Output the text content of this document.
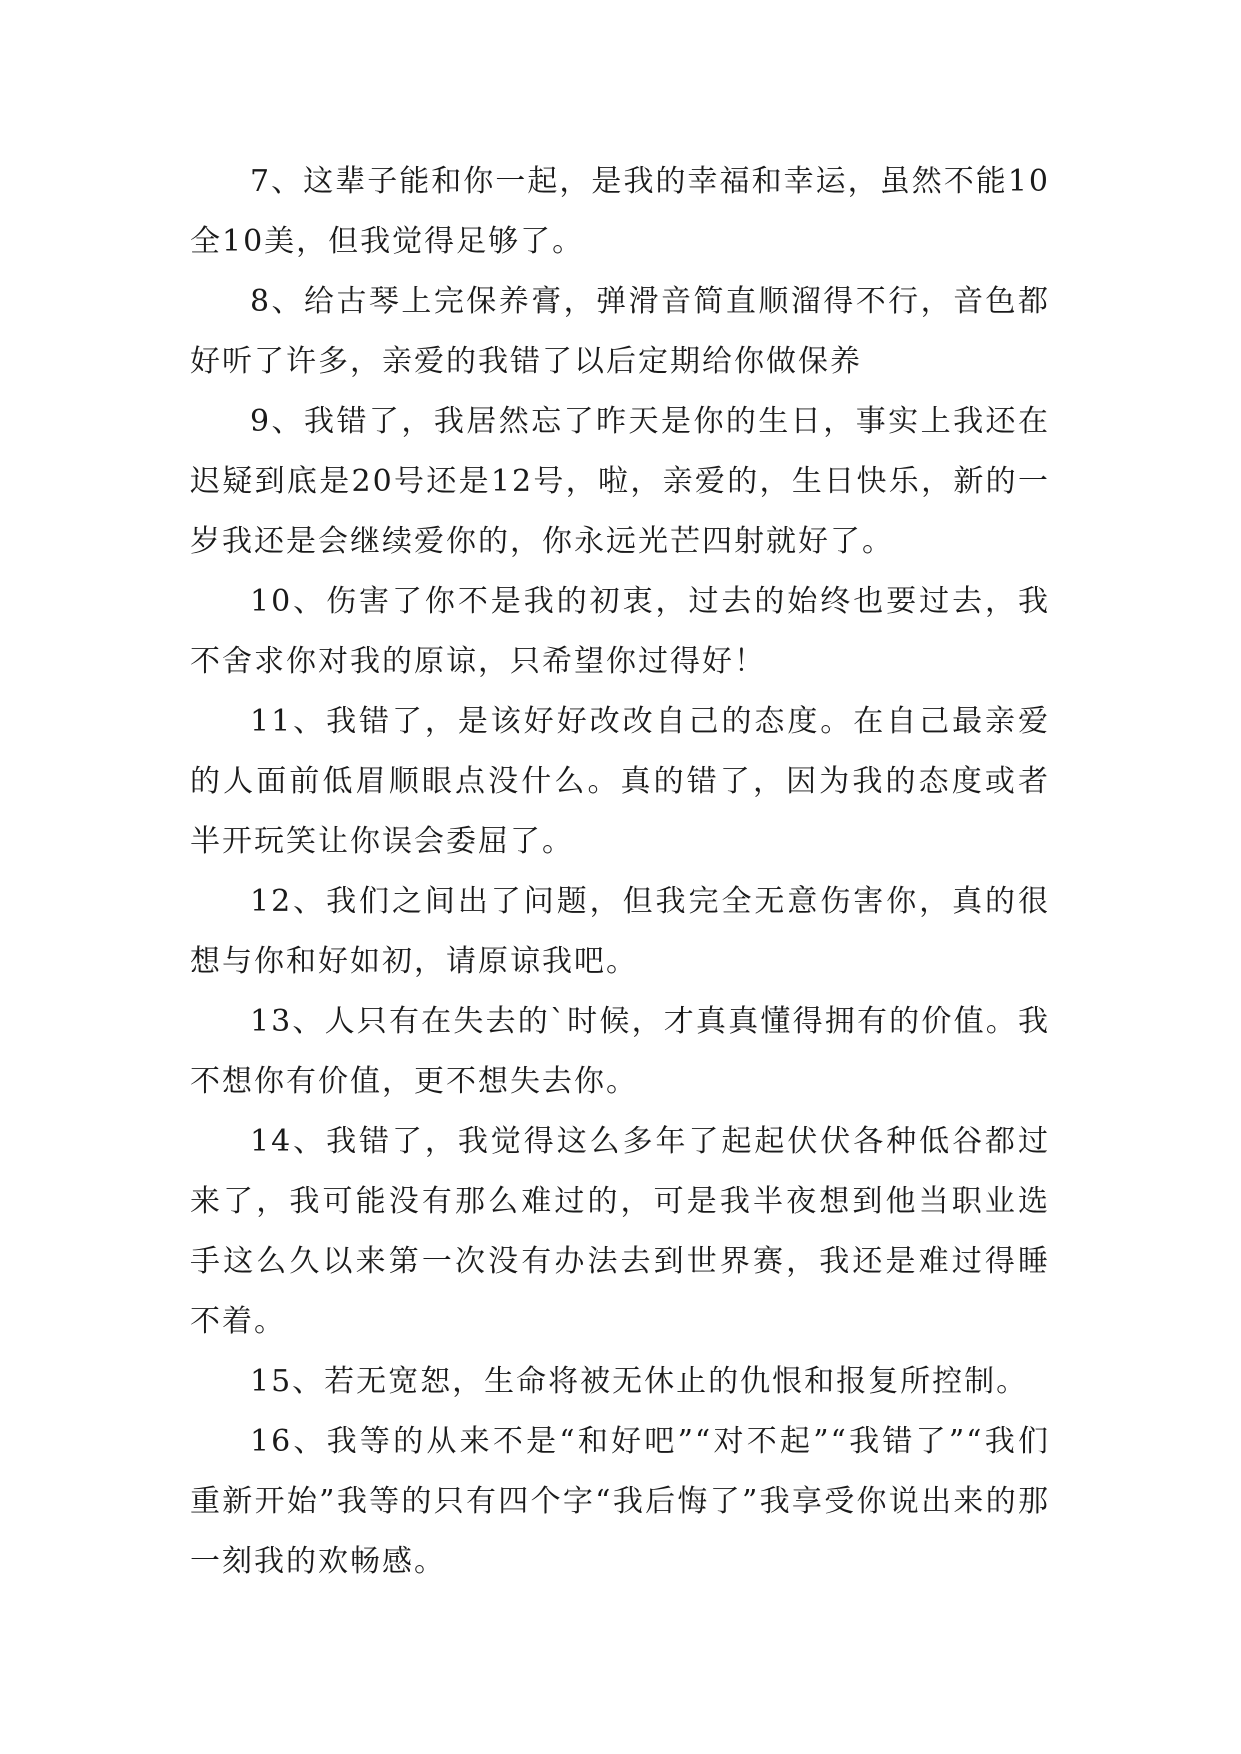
7、这辈子能和你一起，是我的幸福和幸运，虽然不能10全10美，但我觉得足够了。

8、给古琴上完保养膏，弹滑音简直顺溜得不行，音色都好听了许多，亲爱的我错了以后定期给你做保养

9、我错了，我居然忘了昨天是你的生日，事实上我还在迟疑到底是20号还是12号，啦，亲爱的，生日快乐，新的一岁我还是会继续爱你的，你永远光芒四射就好了。

10、伤害了你不是我的初衷，过去的始终也要过去，我不舍求你对我的原谅，只希望你过得好！

11、我错了，是该好好改改自己的态度。在自己最亲爱的人面前低眉顺眼点没什么。真的错了，因为我的态度或者半开玩笑让你误会委屈了。

12、我们之间出了问题，但我完全无意伤害你，真的很想与你和好如初，请原谅我吧。

13、人只有在失去的`时候，才真真懂得拥有的价值。我不想你有价值，更不想失去你。

14、我错了，我觉得这么多年了起起伏伏各种低谷都过来了，我可能没有那么难过的，可是我半夜想到他当职业选手这么久以来第一次没有办法去到世界赛，我还是难过得睡不着。

15、若无宽恕，生命将被无休止的仇恨和报复所控制。

16、我等的从来不是“和好吧”“对不起”“我错了”“我们重新开始”我等的只有四个字“我后悔了”我享受你说出来的那一刻我的欢畅感。
